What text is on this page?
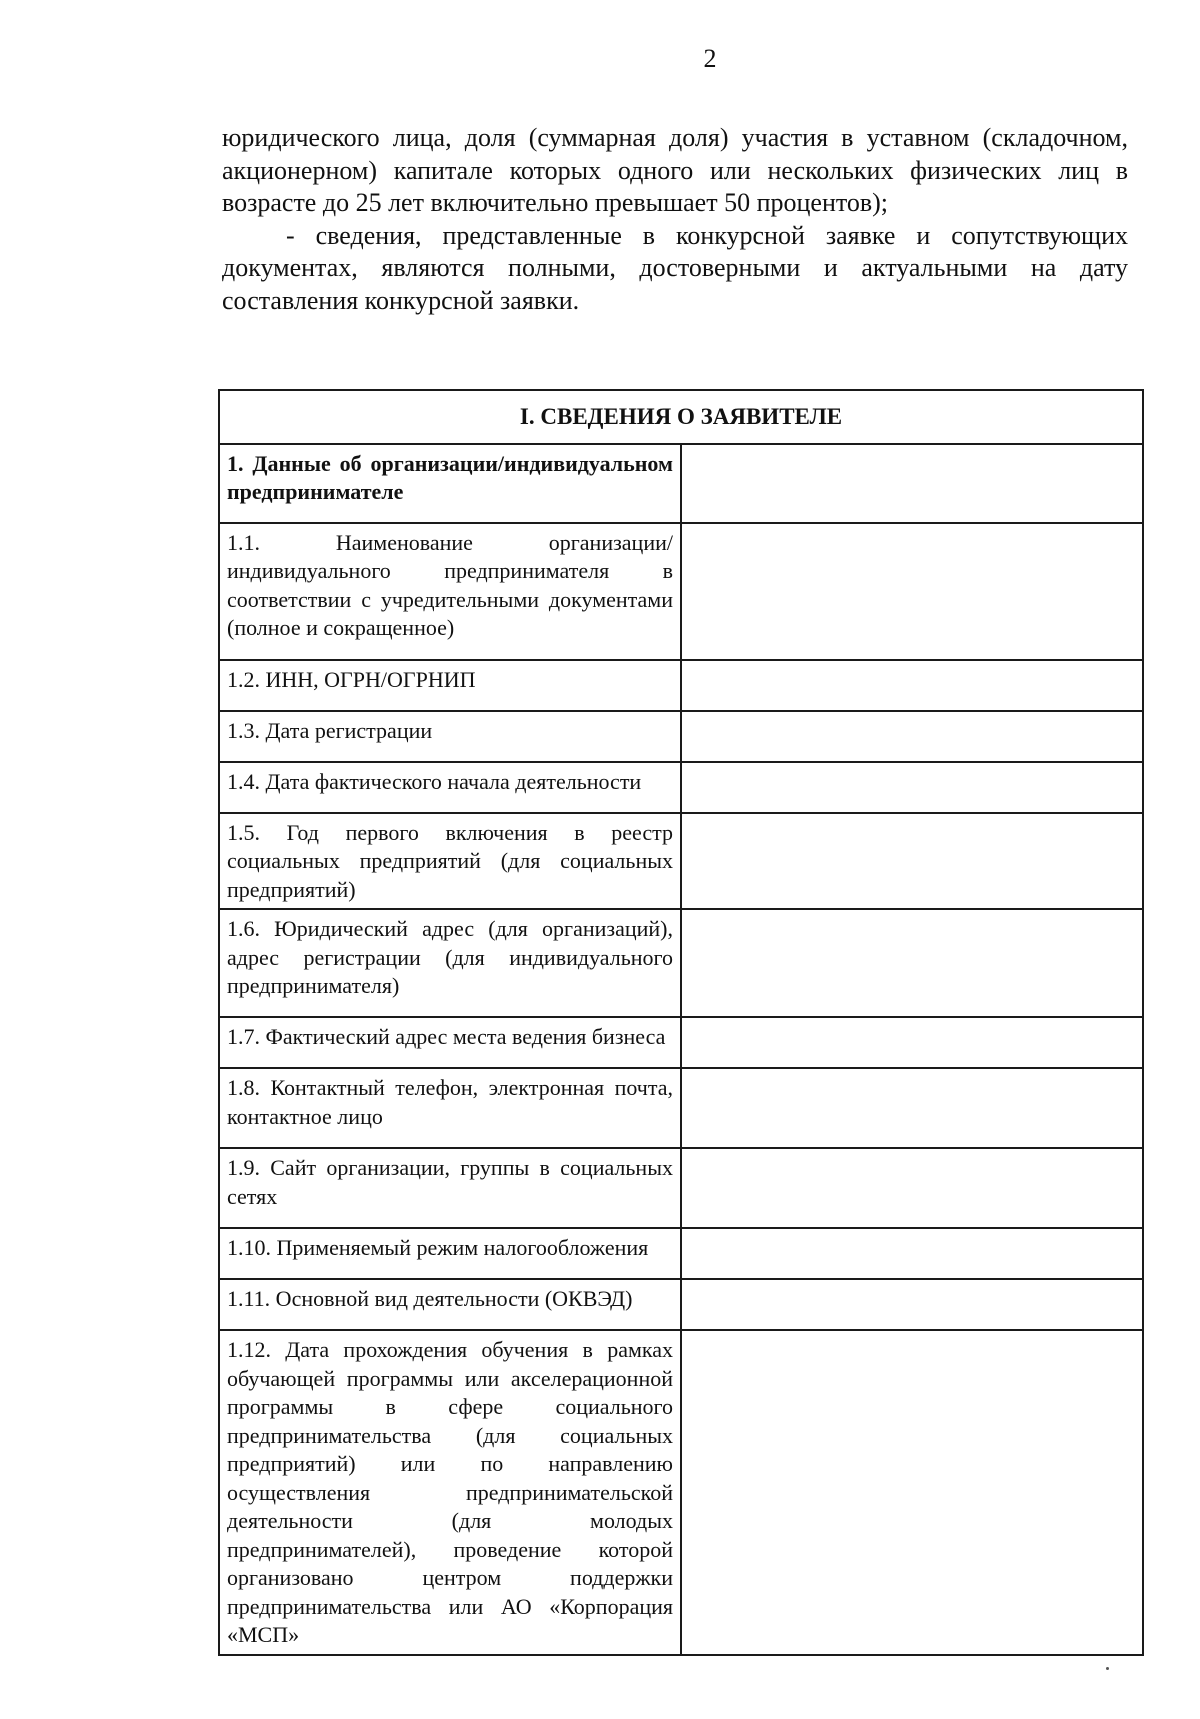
2

юридического лица, доля (суммарная доля) участия в уставном (складочном, акционерном) капитале которых одного или нескольких физических лиц в возрасте до 25 лет включительно превышает 50 процентов);

- сведения, представленные в конкурсной заявке и сопутствующих документах, являются полными, достоверными и актуальными на дату составления конкурсной заявки.

I. СВЕДЕНИЯ О ЗАЯВИТЕЛЕ	
1. Данные об организации/индивидуальном предпринимателе	
1.1. Наименование организации/индивидуального предпринимателя в соответствии с учредительными документами (полное и сокращенное)	
1.2. ИНН, ОГРН/ОГРНИП	
1.3. Дата регистрации	
1.4. Дата фактического начала деятельности	
1.5. Год первого включения в реестр социальных предприятий (для социальных предприятий)	
1.6. Юридический адрес (для организаций), адрес регистрации (для индивидуального предпринимателя)	
1.7. Фактический адрес места ведения бизнеса	
1.8. Контактный телефон, электронная почта, контактное лицо	
1.9. Сайт организации, группы в социальных сетях	
1.10. Применяемый режим налогообложения	
1.11. Основной вид деятельности (ОКВЭД)	
1.12. Дата прохождения обучения в рамках обучающей программы или акселерационной программы в сфере социального предпринимательства (для социальных предприятий) или по направлению осуществления предпринимательской деятельности (для молодых предпринимателей), проведение которой организовано центром поддержки предпринимательства или АО «Корпорация «МСП»	
